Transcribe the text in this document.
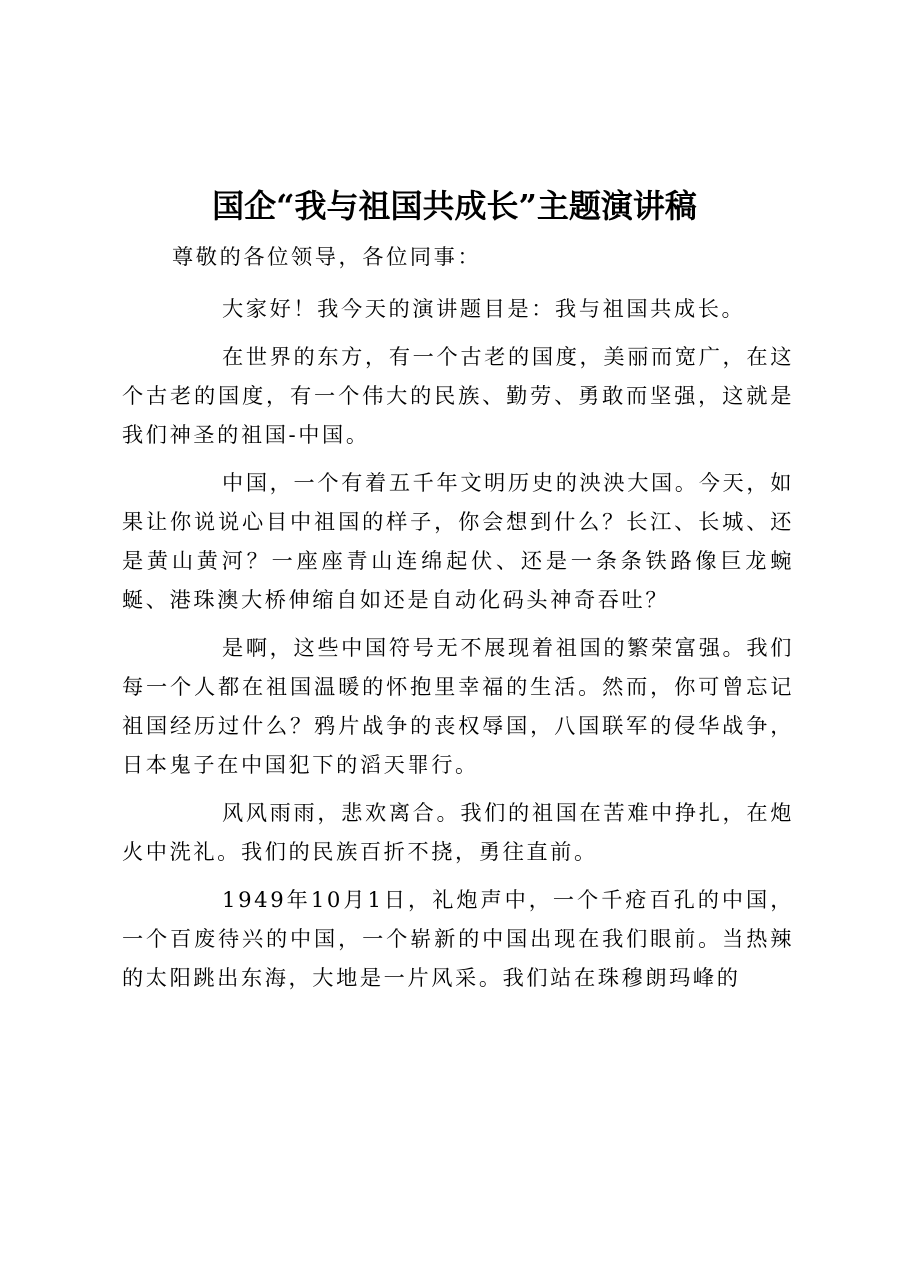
国企“我与祖国共成长”主题演讲稿

尊敬的各位领导，各位同事：

大家好！我今天的演讲题目是：我与祖国共成长。

在世界的东方，有一个古老的国度，美丽而宽广，在这个古老的国度，有一个伟大的民族、勤劳、勇敢而坚强，这就是我们神圣的祖国-中国。

中国，一个有着五千年文明历史的泱泱大国。今天，如果让你说说心目中祖国的样子，你会想到什么？长江、长城、还是黄山黄河？一座座青山连绵起伏、还是一条条铁路像巨龙蜿蜒、港珠澳大桥伸缩自如还是自动化码头神奇吞吐？

是啊，这些中国符号无不展现着祖国的繁荣富强。我们每一个人都在祖国温暖的怀抱里幸福的生活。然而，你可曾忘记祖国经历过什么？鸦片战争的丧权辱国，八国联军的侵华战争，日本鬼子在中国犯下的滔天罪行。

风风雨雨，悲欢离合。我们的祖国在苦难中挣扎，在炮火中洗礼。我们的民族百折不挠，勇往直前。

1949年10月1日，礼炮声中，一个千疮百孔的中国，一个百废待兴的中国，一个崭新的中国出现在我们眼前。当热辣的太阳跳出东海，大地是一片风采。我们站在珠穆朗玛峰的
